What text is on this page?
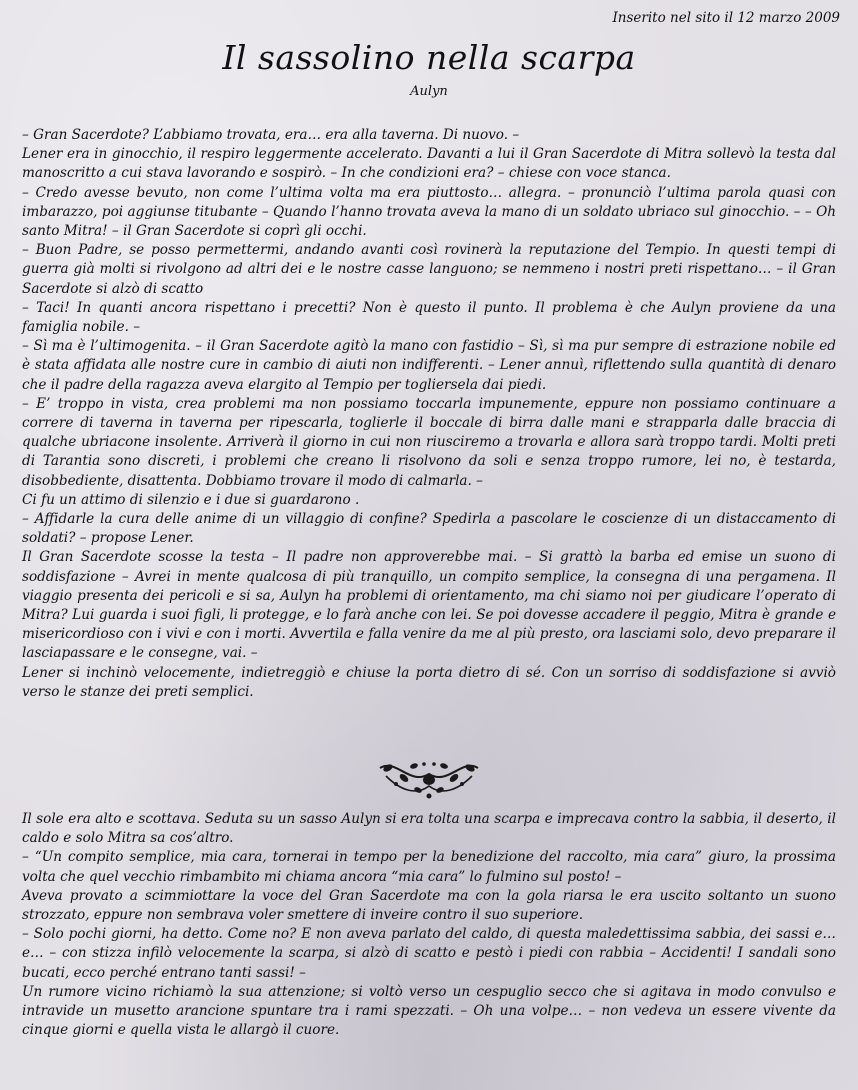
Inserito nel sito il 12 marzo 2009
Il sassolino nella scarpa
Aulyn

– Gran Sacerdote? L’abbiamo trovata, era… era alla taverna. Di nuovo. –

Lener era in ginocchio, il respiro leggermente accelerato. Davanti a lui il Gran Sacerdote di Mitra sollevò la testa dal manoscritto a cui stava lavorando e sospirò. – In che condizioni era? – chiese con voce stanca.

– Credo avesse bevuto, non come l’ultima volta ma era piuttosto… allegra. – pronunciò l’ultima parola quasi con imbarazzo, poi aggiunse titubante – Quando l’hanno trovata aveva la mano di un soldato ubriaco sul ginocchio. – – Oh santo Mitra! – il Gran Sacerdote si coprì gli occhi.

– Buon Padre, se posso permettermi, andando avanti così rovinerà la reputazione del Tempio. In questi tempi di guerra già molti si rivolgono ad altri dei e le nostre casse languono; se nemmeno i nostri preti rispettano… – il Gran Sacerdote si alzò di scatto

– Taci! In quanti ancora rispettano i precetti? Non è questo il punto. Il problema è che Aulyn proviene da una famiglia nobile. –

– Sì ma è l’ultimogenita. – il Gran Sacerdote agitò la mano con fastidio – Sì, sì ma pur sempre di estrazione nobile ed è stata affidata alle nostre cure in cambio di aiuti non indifferenti. – Lener annuì, riflettendo sulla quantità di denaro che il padre della ragazza aveva elargito al Tempio per togliersela dai piedi.

– E’ troppo in vista, crea problemi ma non possiamo toccarla impunemente, eppure non possiamo continuare a correre di taverna in taverna per ripescarla, toglierle il boccale di birra dalle mani e strapparla dalle braccia di qualche ubriacone insolente. Arriverà il giorno in cui non riusciremo a trovarla e allora sarà troppo tardi. Molti preti di Tarantia sono discreti, i problemi che creano li risolvono da soli e senza troppo rumore, lei no, è testarda, disobbediente, disattenta. Dobbiamo trovare il modo di calmarla. –

Ci fu un attimo di silenzio e i due si guardarono .

– Affidarle la cura delle anime di un villaggio di confine? Spedirla a pascolare le coscienze di un distaccamento di soldati? – propose Lener.

Il Gran Sacerdote scosse la testa – Il padre non approverebbe mai. – Si grattò la barba ed emise un suono di soddisfazione – Avrei in mente qualcosa di più tranquillo, un compito semplice, la consegna di una pergamena. Il viaggio presenta dei pericoli e si sa, Aulyn ha problemi di orientamento, ma chi siamo noi per giudicare l’operato di Mitra? Lui guarda i suoi figli, li protegge, e lo farà anche con lei. Se poi dovesse accadere il peggio, Mitra è grande e misericordioso con i vivi e con i morti. Avvertila e falla venire da me al più presto, ora lasciami solo, devo preparare il lasciapassare e le consegne, vai. –

Lener si inchinò velocemente, indietreggiò e chiuse la porta dietro di sé. Con un sorriso di soddisfazione si avviò verso le stanze dei preti semplici.

Il sole era alto e scottava. Seduta su un sasso Aulyn si era tolta una scarpa e imprecava contro la sabbia, il deserto, il caldo e solo Mitra sa cos’altro.

– “Un compito semplice, mia cara, tornerai in tempo per la benedizione del raccolto, mia cara” giuro, la prossima volta che quel vecchio rimbambito mi chiama ancora “mia cara” lo fulmino sul posto! –

Aveva provato a scimmiottare la voce del Gran Sacerdote ma con la gola riarsa le era uscito soltanto un suono strozzato, eppure non sembrava voler smettere di inveire contro il suo superiore.

– Solo pochi giorni, ha detto. Come no? E non aveva parlato del caldo, di questa maledettissima sabbia, dei sassi e… e… – con stizza infilò velocemente la scarpa, si alzò di scatto e pestò i piedi con rabbia – Accidenti! I sandali sono bucati, ecco perché entrano tanti sassi! –

Un rumore vicino richiamò la sua attenzione; si voltò verso un cespuglio secco che si agitava in modo convulso e intravide un musetto arancione spuntare tra i rami spezzati. – Oh una volpe… – non vedeva un essere vivente da cinque giorni e quella vista le allargò il cuore.
